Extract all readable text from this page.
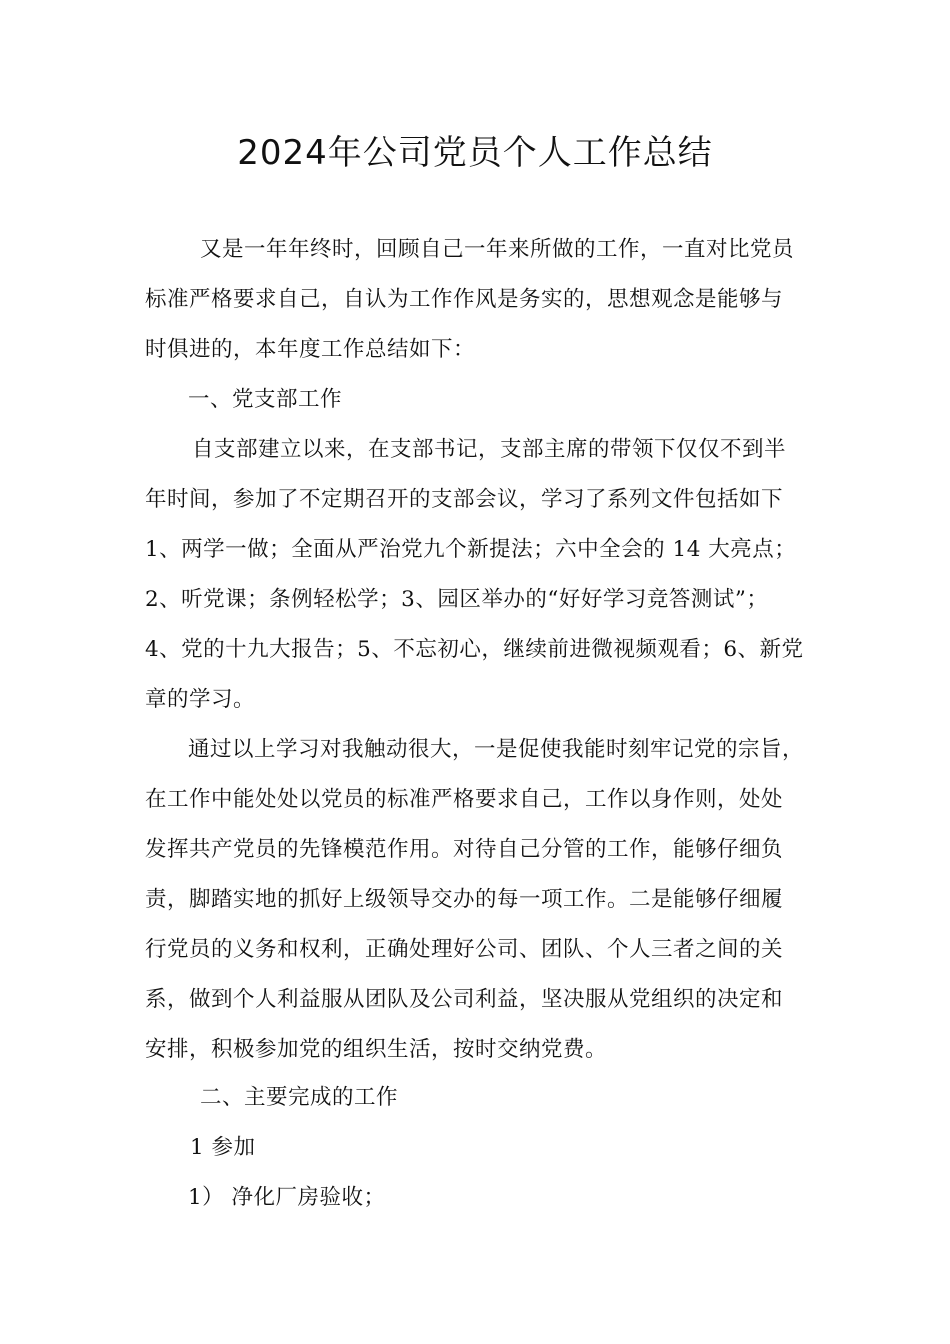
2024年公司党员个人工作总结
又是一年年终时，回顾自己一年来所做的工作，一直对比党员
标准严格要求自己，自认为工作作风是务实的，思想观念是能够与
时俱进的，本年度工作总结如下：
一、党支部工作
自支部建立以来，在支部书记，支部主席的带领下仅仅不到半
年时间，参加了不定期召开的支部会议，学习了系列文件包括如下
1、两学一做；全面从严治党九个新提法；六中全会的 14 大亮点；
2、听党课；条例轻松学；3、园区举办的“好好学习竞答测试”；
4、党的十九大报告；5、不忘初心，继续前进微视频观看；6、新党
章的学习。
通过以上学习对我触动很大，一是促使我能时刻牢记党的宗旨，
在工作中能处处以党员的标准严格要求自己，工作以身作则，处处
发挥共产党员的先锋模范作用。对待自己分管的工作，能够仔细负
责，脚踏实地的抓好上级领导交办的每一项工作。二是能够仔细履
行党员的义务和权利，正确处理好公司、团队、个人三者之间的关
系，做到个人利益服从团队及公司利益，坚决服从党组织的决定和
安排，积极参加党的组织生活，按时交纳党费。
二、主要完成的工作
1 参加
1） 净化厂房验收；
